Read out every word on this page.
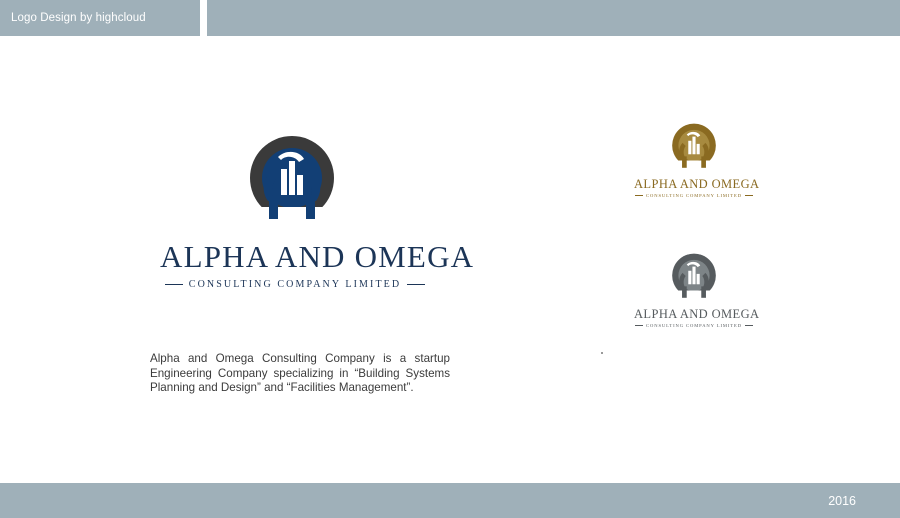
Logo Design by highcloud
ALPHA AND OMEGA
CONSULTING COMPANY LIMITED
ALPHA AND OMEGA
CONSULTING COMPANY LIMITED
ALPHA AND OMEGA
CONSULTING COMPANY LIMITED
Alpha and Omega Consulting Company is a startup Engineering Company specializing in “Building Systems Planning and Design” and “Facilities Management”.
2016
